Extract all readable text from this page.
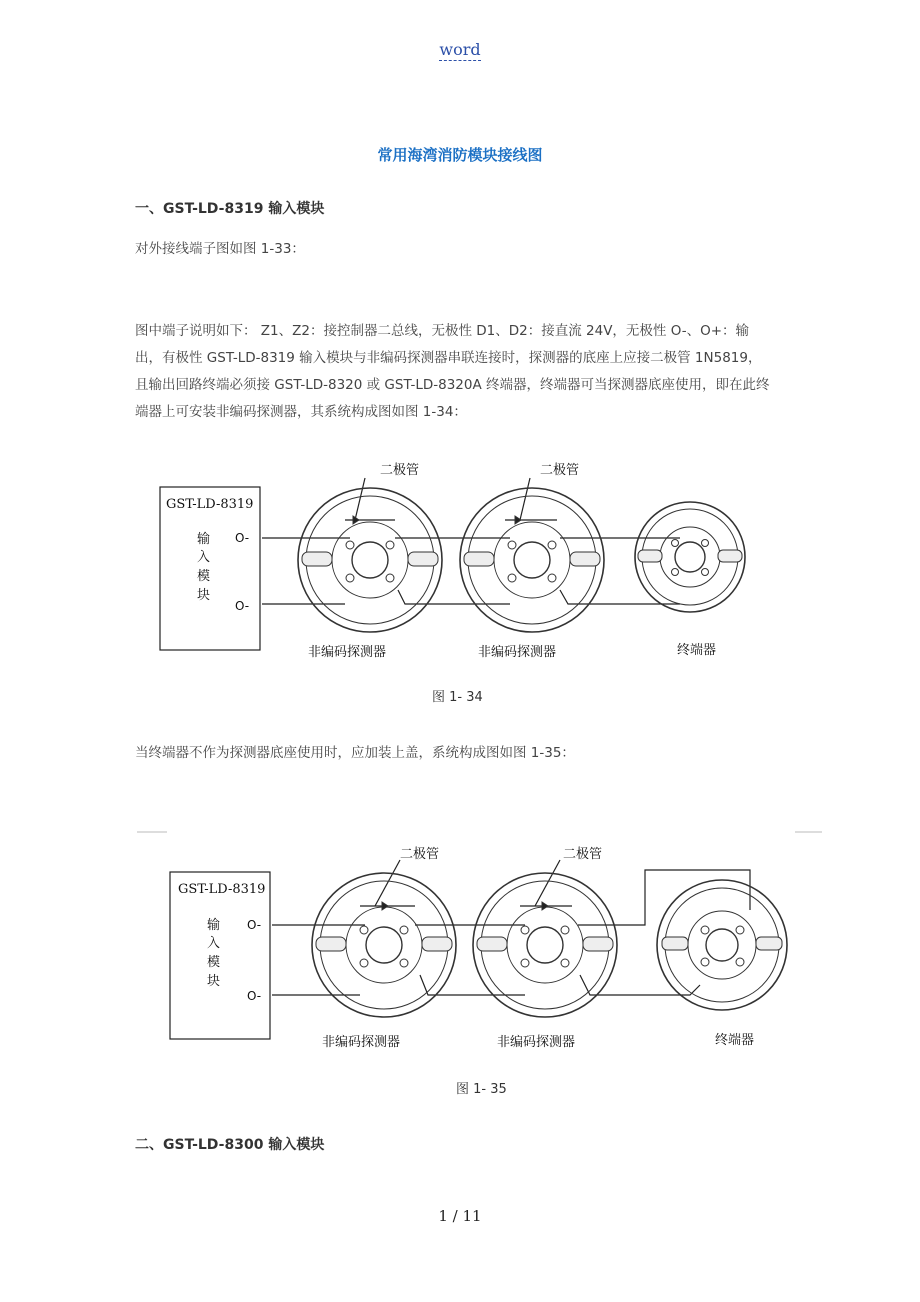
word
常用海湾消防模块接线图
一、GST-LD-8319 输入模块
对外接线端子图如图 1-33：
图中端子说明如下： Z1、Z2：接控制器二总线，无极性 D1、D2：接直流 24V，无极性 O-、O+：输
出，有极性 GST-LD-8319 输入模块与非编码探测器串联连接时，探测器的底座上应接二极管 1N5819，
且输出回路终端必须接 GST-LD-8320 或 GST-LD-8320A 终端器，终端器可当探测器底座使用，即在此终
端器上可安装非编码探测器，其系统构成图如图 1-34：
GST-LD-8319
输
入
模
块
O-
O-
二极管	二极管
非编码探测器	非编码探测器	终端器
图 1- 34
当终端器不作为探测器底座使用时，应加装上盖，系统构成图如图 1-35：
GST-LD-8319
输
入
模
块
O-
O-
二极管	二极管
非编码探测器	非编码探测器	终端器
图 1- 35
二、GST-LD-8300 输入模块
1 / 11
